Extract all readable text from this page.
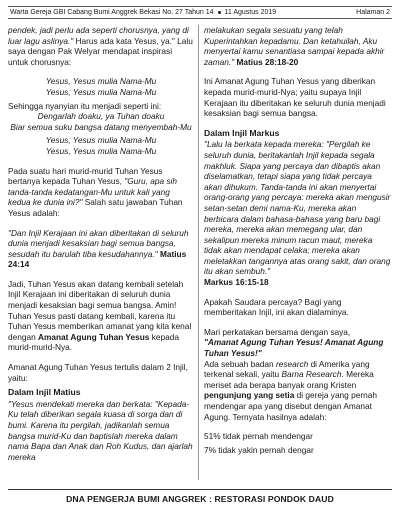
Warta Gereja GBI Cabang Bumi Anggrek Bekasi No. 27 Tahun 14 11 Agustus 2019	Halaman 2

pendek, jadi perlu ada seperti chorusnya, yang di luar lagu aslinya." Harus ada kata Yesus, ya." Lalu saya dengan Pak Welyar mendapat inspirasi untuk chorusnya:

Yesus, Yesus mulia Nama-Mu
Yesus, Yesus mulia Nama-Mu

Sehingga nyanyian itu menjadi seperti ini:

Dengarlah doaku, ya Tuhan doaku
Biar semua suku bangsa datang menyembah-Mu
Yesus, Yesus mulia Nama-Mu
Yesus, Yesus mulia Nama-Mu

Pada suatu hari murid-murid Tuhan Yesus bertanya kepada Tuhan Yesus, "Guru, apa sih tanda-tanda kedatangan-Mu untuk kali yang kedua ke dunia ini?" Salah satu jawaban Tuhan Yesus adalah:

"Dan Injil Kerajaan ini akan diberitakan di seluruh dunia menjadi kesaksian bagi semua bangsa, sesudah itu barulah tiba kesudahannya." Matius 24:14

Jadi, Tuhan Yesus akan datang kembali setelah Injil Kerajaan ini diberitakan di seluruh dunia menjadi kesaksian bagi semua bangsa. Amin! Tuhan Yesus pasti datang kembali, karena itu Tuhan Yesus memberikan amanat yang kita kenal dengan Amanat Agung Tuhan Yesus kepada murid-murid-Nya.

Amanat Agung Tuhan Yesus tertulis dalam 2 Injil, yaitu:

Dalam Injil Matius

"Yesus mendekati mereka dan berkata: "Kepada-Ku telah diberikan segala kuasa di sorga dan di bumi. Karena itu pergilah, jadikanlah semua bangsa murid-Ku dan baptislah mereka dalam nama Bapa dan Anak dan Roh Kudus, dan ajarlah mereka

melakukan segala sesuatu yang telah Kuperintahkan kepadamu. Dan ketahuilah, Aku menyertai kamu senantiasa sampai kepada akhir zaman." Matius 28:18-20

Ini Amanat Agung Tuhan Yesus yang diberikan kepada murid-murid-Nya; yaitu supaya Injil Kerajaan itu diberitakan ke seluruh dunia menjadi kesaksian bagi semua bangsa.

Dalam Injil Markus

"Lalu Ia berkata kepada mereka: "Pergilah ke seluruh dunia, beritakanlah Injil kepada segala makhluk. Siapa yang percaya dan dibaptis akan diselamatkan, tetapi siapa yang tidak percaya akan dihukum. Tanda-tanda ini akan menyertai orang-orang yang percaya: mereka akan mengusir setan-setan demi nama-Ku, mereka akan berbicara dalam bahasa-bahasa yang baru bagi mereka, mereka akan memegang ular, dan sekalipun mereka minum racun maut, mereka tidak akan mendapat celaka; mereka akan meletakkan tangannya atas orang sakit, dan orang itu akan sembuh."
Markus 16:15-18

Apakah Saudara percaya? Bagi yang memberitakan Injil, ini akan dialaminya.

Mari perkatakan bersama dengan saya,
"Amanat Agung Tuhan Yesus! Amanat Agung Tuhan Yesus!"
Ada sebuah badan research di Amerika yang terkenal sekali, yaitu Barna Research. Mereka meriset ada berapa banyak orang Kristen pengunjung yang setia di gereja yang pernah mendengar apa yang disebut dengan Amanat Agung. Ternyata hasilnya adalah:

51% tidak pernah mendengar

7% tidak yakin pernah dengar

DNA PENGERJA BUMI ANGGREK : RESTORASI PONDOK DAUD
